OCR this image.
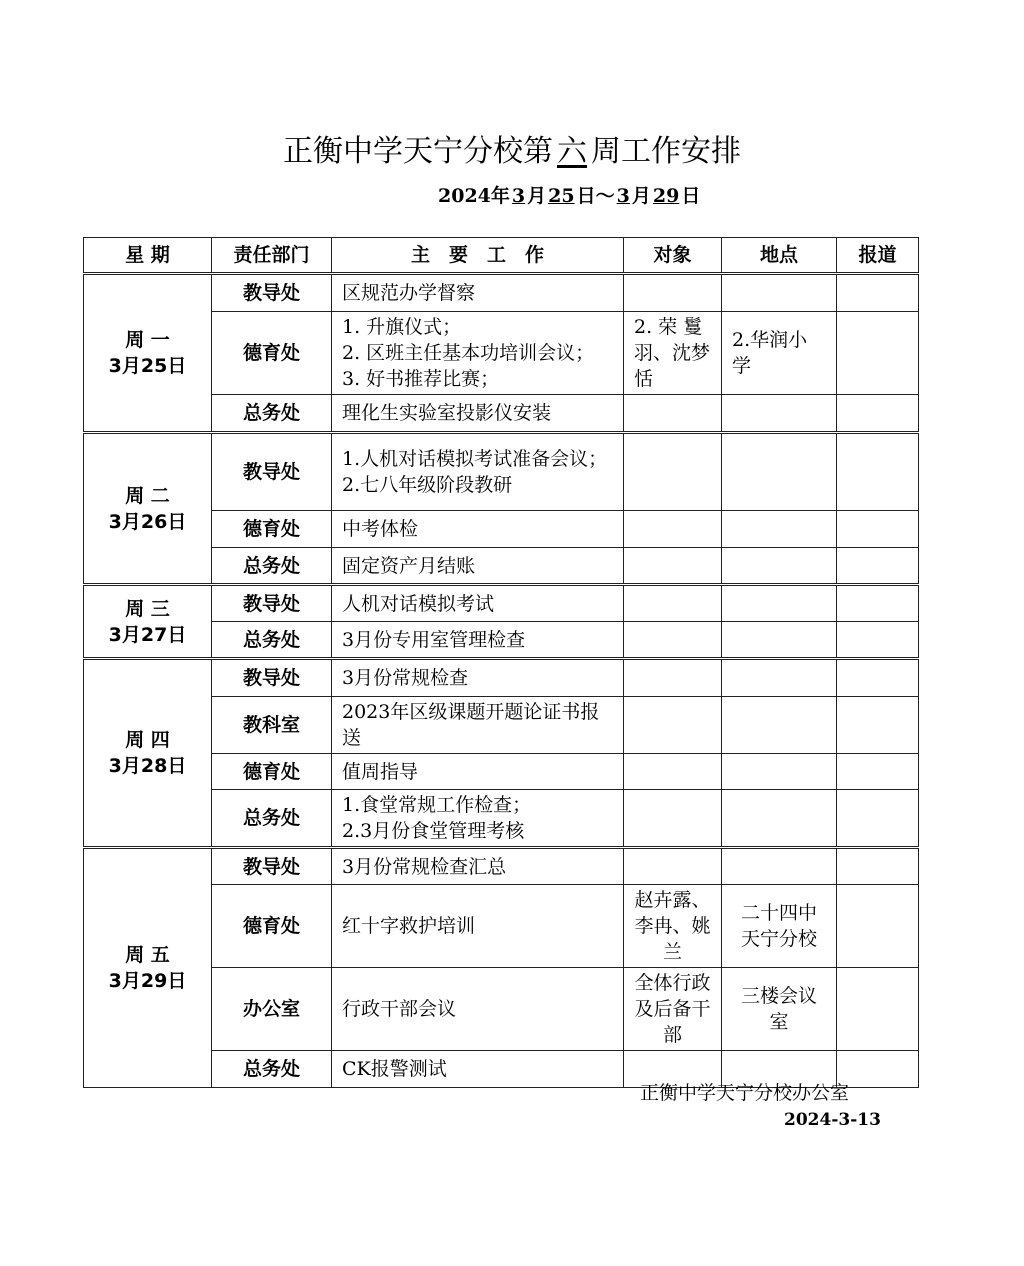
正衡中学天宁分校第 六 周工作安排
2024年 3 月 25 日～ 3 月 29 日
星 期	责任部门	主　要　工　作	对象	地点	报道

周 一
3月25日	教导处	区规范办学督察			
	德育处	1. 升旗仪式；
2. 区班主任基本功培训会议；
3. 好书推荐比赛；	2. 荣 鬘羽、沈梦恬	2.华润小学	
	总务处	理化生实验室投影仪安装			

周 二
3月26日	教导处	1.人机对话模拟考试准备会议；
2.七八年级阶段教研			

	德育处	中考体检			
	总务处	固定资产月结账			

周 三
3月27日	教导处	人机对话模拟考试			
	总务处	3月份专用室管理检查			

周 四
3月28日	教导处	3月份常规检查			
	教科室	2023年区级课题开题论证书报送			
	德育处	值周指导			
	总务处	1.食堂常规工作检查；
2.3月份食堂管理考核			

周 五
3月29日	教导处	3月份常规检查汇总			
	德育处	红十字救护培训	赵卉露、李冉、姚兰	二十四中天宁分校	
	办公室	行政干部会议	全体行政及后备干部	三楼会议室	
	总务处	CK报警测试			
正衡中学天宁分校办公室
2024-3-13
